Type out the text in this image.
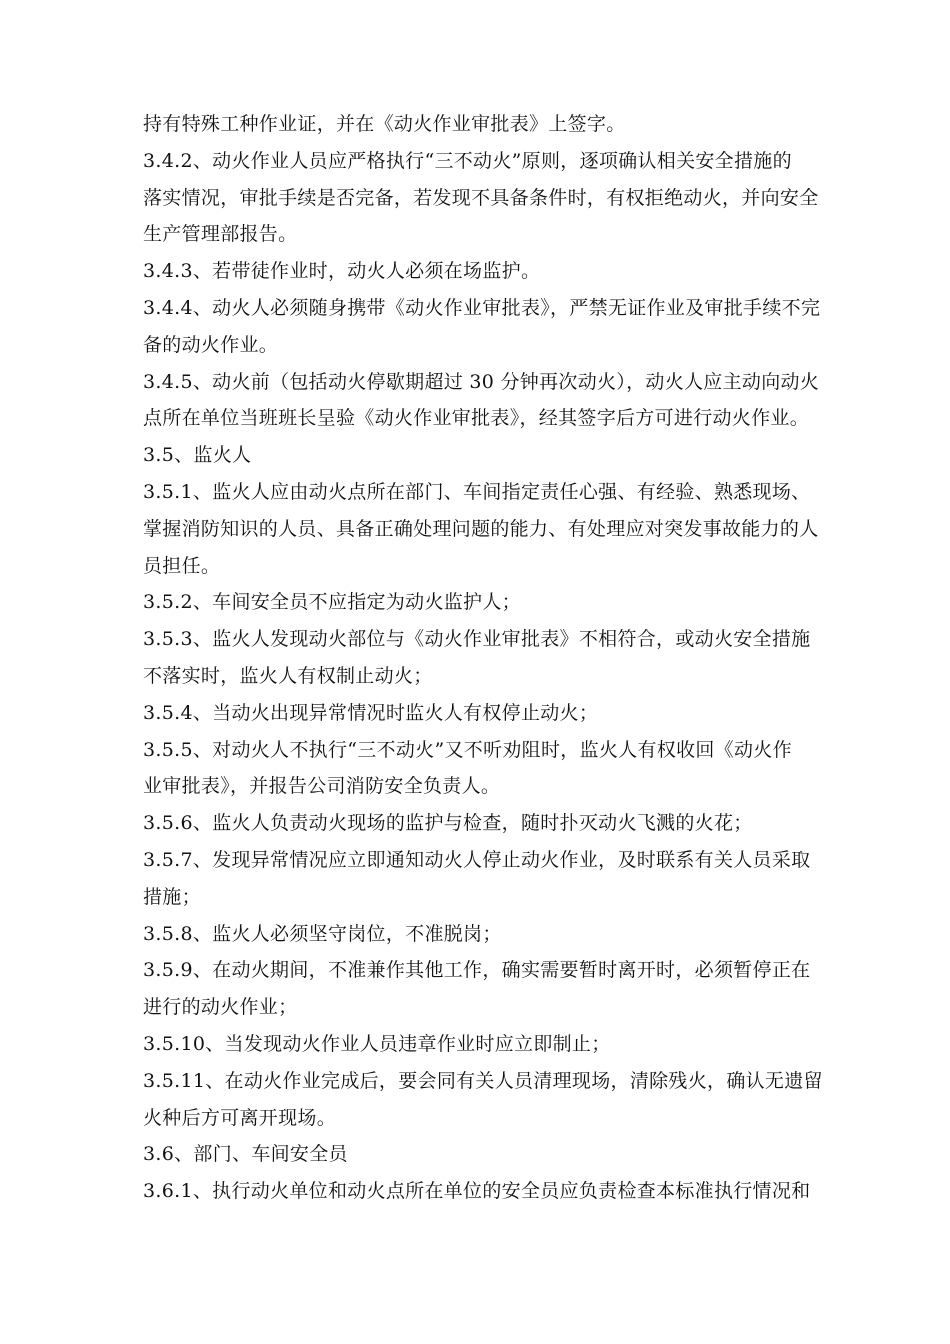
持有特殊工种作业证，并在《动火作业审批表》上签字。
3.4.2、动火作业人员应严格执行“三不动火”原则，逐项确认相关安全措施的
落实情况，审批手续是否完备，若发现不具备条件时，有权拒绝动火，并向安全
生产管理部报告。
3.4.3、若带徒作业时，动火人必须在场监护。
3.4.4、动火人必须随身携带《动火作业审批表》，严禁无证作业及审批手续不完
备的动火作业。
3.4.5、动火前（包括动火停歇期超过 30 分钟再次动火），动火人应主动向动火
点所在单位当班班长呈验《动火作业审批表》，经其签字后方可进行动火作业。
3.5、监火人
3.5.1、监火人应由动火点所在部门、车间指定责任心强、有经验、熟悉现场、
掌握消防知识的人员、具备正确处理问题的能力、有处理应对突发事故能力的人
员担任。
3.5.2、车间安全员不应指定为动火监护人；
3.5.3、监火人发现动火部位与《动火作业审批表》不相符合，或动火安全措施
不落实时，监火人有权制止动火；
3.5.4、当动火出现异常情况时监火人有权停止动火；
3.5.5、对动火人不执行“三不动火”又不听劝阻时，监火人有权收回《动火作
业审批表》，并报告公司消防安全负责人。
3.5.6、监火人负责动火现场的监护与检查，随时扑灭动火飞溅的火花；
3.5.7、发现异常情况应立即通知动火人停止动火作业，及时联系有关人员采取
措施；
3.5.8、监火人必须坚守岗位，不准脱岗；
3.5.9、在动火期间，不准兼作其他工作，确实需要暂时离开时，必须暂停正在
进行的动火作业；
3.5.10、当发现动火作业人员违章作业时应立即制止；
3.5.11、在动火作业完成后，要会同有关人员清理现场，清除残火，确认无遗留
火种后方可离开现场。
3.6、部门、车间安全员
3.6.1、执行动火单位和动火点所在单位的安全员应负责检查本标准执行情况和
